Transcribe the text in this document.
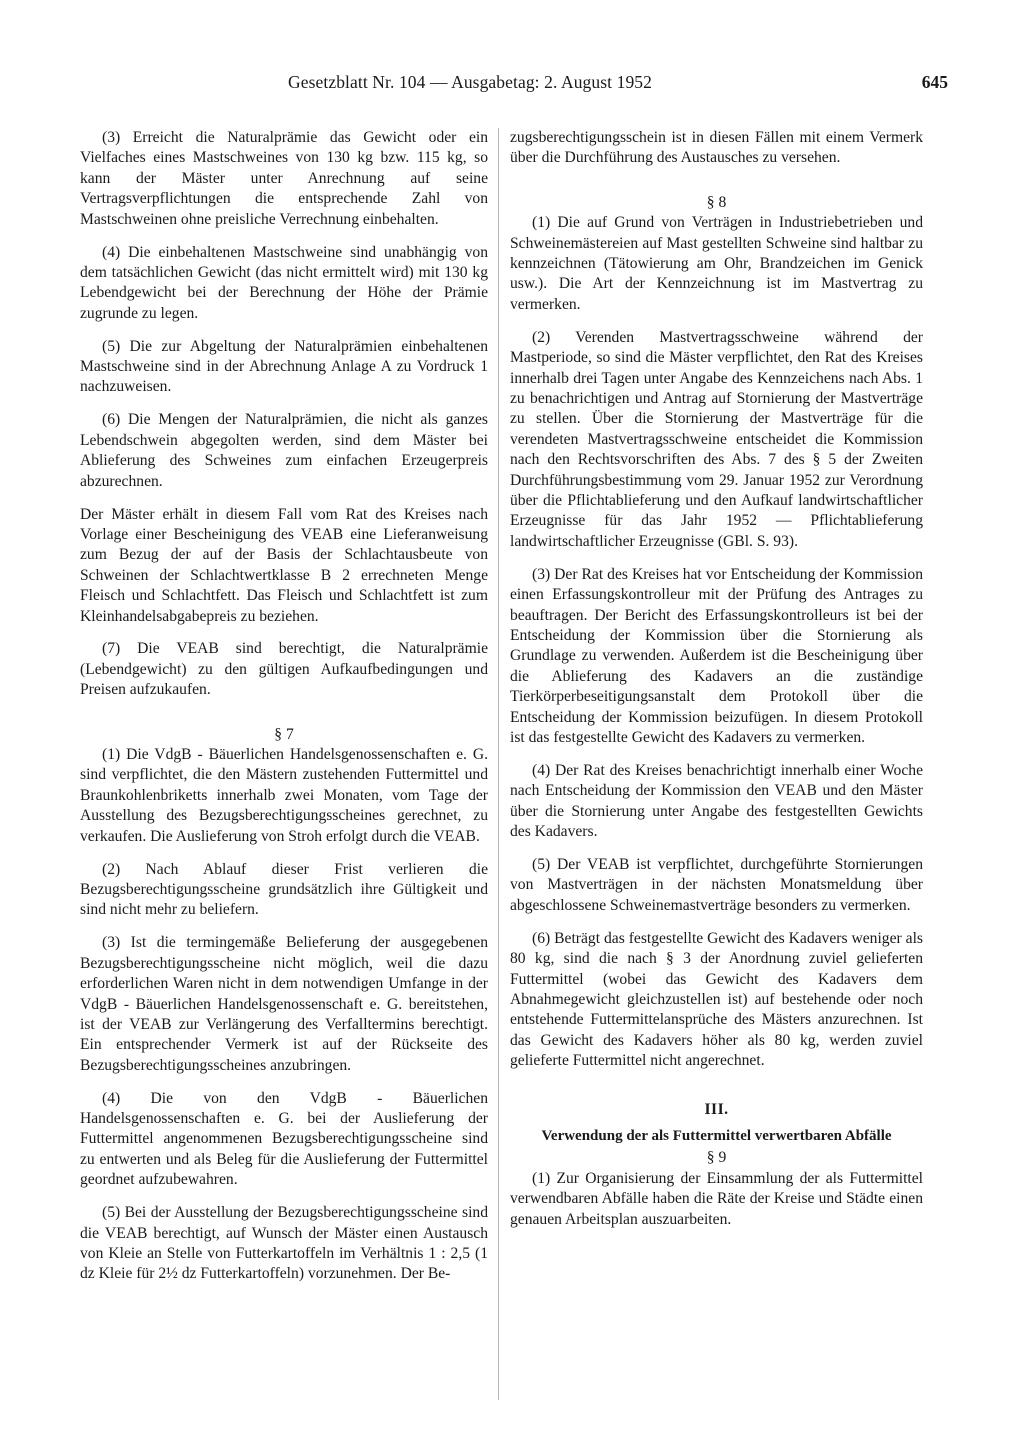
Gesetzblatt Nr. 104 — Ausgabetag: 2. August 1952	645

(3) Erreicht die Naturalprämie das Gewicht oder ein Vielfaches eines Mastschweines von 130 kg bzw. 115 kg, so kann der Mäster unter Anrechnung auf seine Vertragsverpflichtungen die entsprechende Zahl von Mastschweinen ohne preisliche Verrechnung einbehalten.

(4) Die einbehaltenen Mastschweine sind unabhängig von dem tatsächlichen Gewicht (das nicht ermittelt wird) mit 130 kg Lebendgewicht bei der Berechnung der Höhe der Prämie zugrunde zu legen.

(5) Die zur Abgeltung der Naturalprämien einbehaltenen Mastschweine sind in der Abrechnung Anlage A zu Vordruck 1 nachzuweisen.

(6) Die Mengen der Naturalprämien, die nicht als ganzes Lebendschwein abgegolten werden, sind dem Mäster bei Ablieferung des Schweines zum einfachen Erzeugerpreis abzurechnen.

Der Mäster erhält in diesem Fall vom Rat des Kreises nach Vorlage einer Bescheinigung des VEAB eine Lieferanweisung zum Bezug der auf der Basis der Schlachtausbeute von Schweinen der Schlachtwertklasse B 2 errechneten Menge Fleisch und Schlachtfett. Das Fleisch und Schlachtfett ist zum Kleinhandelsabgabepreis zu beziehen.

(7) Die VEAB sind berechtigt, die Naturalprämie (Lebendgewicht) zu den gültigen Aufkaufbedingungen und Preisen aufzukaufen.

§ 7

(1) Die VdgB - Bäuerlichen Handelsgenossenschaften e. G. sind verpflichtet, die den Mästern zustehenden Futtermittel und Braunkohlenbriketts innerhalb zwei Monaten, vom Tage der Ausstellung des Bezugsberechtigungsscheines gerechnet, zu verkaufen. Die Auslieferung von Stroh erfolgt durch die VEAB.

(2) Nach Ablauf dieser Frist verlieren die Bezugsberechtigungsscheine grundsätzlich ihre Gültigkeit und sind nicht mehr zu beliefern.

(3) Ist die termingemäße Belieferung der ausgegebenen Bezugsberechtigungsscheine nicht möglich, weil die dazu erforderlichen Waren nicht in dem notwendigen Umfange in der VdgB - Bäuerlichen Handelsgenossenschaft e. G. bereitstehen, ist der VEAB zur Verlängerung des Verfalltermins berechtigt. Ein entsprechender Vermerk ist auf der Rückseite des Bezugsberechtigungsscheines anzubringen.

(4) Die von den VdgB - Bäuerlichen Handelsgenossenschaften e. G. bei der Auslieferung der Futtermittel angenommenen Bezugsberechtigungsscheine sind zu entwerten und als Beleg für die Auslieferung der Futtermittel geordnet aufzubewahren.

(5) Bei der Ausstellung der Bezugsberechtigungsscheine sind die VEAB berechtigt, auf Wunsch der Mäster einen Austausch von Kleie an Stelle von Futterkartoffeln im Verhältnis 1 : 2,5 (1 dz Kleie für 2½ dz Futterkartoffeln) vorzunehmen. Der Be-

zugsberechtigungsschein ist in diesen Fällen mit einem Vermerk über die Durchführung des Austausches zu versehen.

§ 8

(1) Die auf Grund von Verträgen in Industriebetrieben und Schweinemästereien auf Mast gestellten Schweine sind haltbar zu kennzeichnen (Tätowierung am Ohr, Brandzeichen im Genick usw.). Die Art der Kennzeichnung ist im Mastvertrag zu vermerken.

(2) Verenden Mastvertragsschweine während der Mastperiode, so sind die Mäster verpflichtet, den Rat des Kreises innerhalb drei Tagen unter Angabe des Kennzeichens nach Abs. 1 zu benachrichtigen und Antrag auf Stornierung der Mastverträge zu stellen. Über die Stornierung der Mastverträge für die verendeten Mastvertragsschweine entscheidet die Kommission nach den Rechtsvorschriften des Abs. 7 des § 5 der Zweiten Durchführungsbestimmung vom 29. Januar 1952 zur Verordnung über die Pflichtablieferung und den Aufkauf landwirtschaftlicher Erzeugnisse für das Jahr 1952 — Pflichtablieferung landwirtschaftlicher Erzeugnisse (GBl. S. 93).

(3) Der Rat des Kreises hat vor Entscheidung der Kommission einen Erfassungskontrolleur mit der Prüfung des Antrages zu beauftragen. Der Bericht des Erfassungskontrolleurs ist bei der Entscheidung der Kommission über die Stornierung als Grundlage zu verwenden. Außerdem ist die Bescheinigung über die Ablieferung des Kadavers an die zuständige Tierkörperbeseitigungsanstalt dem Protokoll über die Entscheidung der Kommission beizufügen. In diesem Protokoll ist das festgestellte Gewicht des Kadavers zu vermerken.

(4) Der Rat des Kreises benachrichtigt innerhalb einer Woche nach Entscheidung der Kommission den VEAB und den Mäster über die Stornierung unter Angabe des festgestellten Gewichts des Kadavers.

(5) Der VEAB ist verpflichtet, durchgeführte Stornierungen von Mastverträgen in der nächsten Monatsmeldung über abgeschlossene Schweinemastverträge besonders zu vermerken.

(6) Beträgt das festgestellte Gewicht des Kadavers weniger als 80 kg, sind die nach § 3 der Anordnung zuviel gelieferten Futtermittel (wobei das Gewicht des Kadavers dem Abnahmegewicht gleichzustellen ist) auf bestehende oder noch entstehende Futtermittelansprüche des Mästers anzurechnen. Ist das Gewicht des Kadavers höher als 80 kg, werden zuviel gelieferte Futtermittel nicht angerechnet.

III.

Verwendung der als Futtermittel verwertbaren Abfälle

§ 9

(1) Zur Organisierung der Einsammlung der als Futtermittel verwendbaren Abfälle haben die Räte der Kreise und Städte einen genauen Arbeitsplan auszuarbeiten.
